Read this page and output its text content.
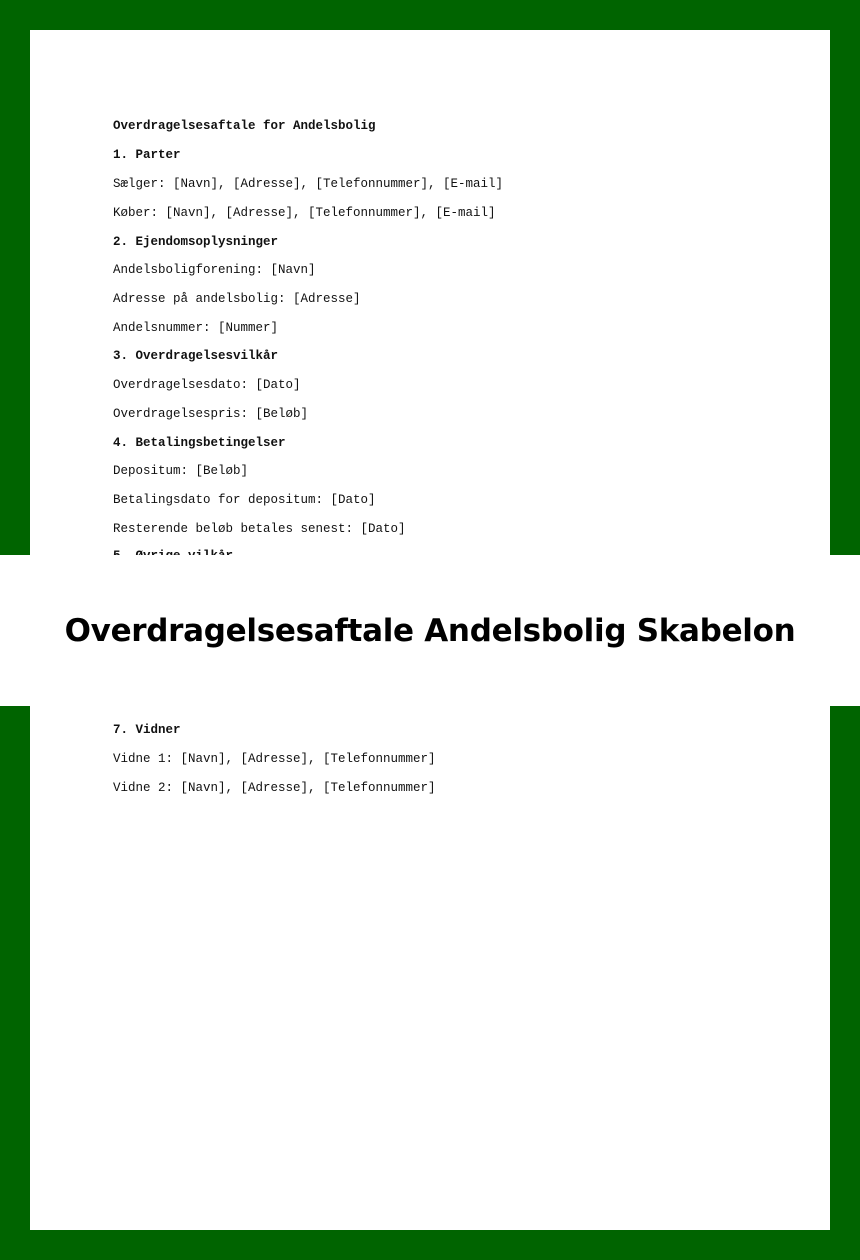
Overdragelsesaftale for Andelsbolig

1. Parter

Sælger: [Navn], [Adresse], [Telefonnummer], [E-mail]

Køber: [Navn], [Adresse], [Telefonnummer], [E-mail]

2. Ejendomsoplysninger

Andelsboligforening: [Navn]

Adresse på andelsbolig: [Adresse]

Andelsnummer: [Nummer]

3. Overdragelsesvilkår

Overdragelsesdato: [Dato]

Overdragelsespris: [Beløb]

4. Betalingsbetingelser

Depositum: [Beløb]

Betalingsdato for depositum: [Dato]

Resterende beløb betales senest: [Dato]

Overdragelsesaftale Andelsbolig Skabelon

7. Vidner

Vidne 1: [Navn], [Adresse], [Telefonnummer]

Vidne 2: [Navn], [Adresse], [Telefonnummer]
